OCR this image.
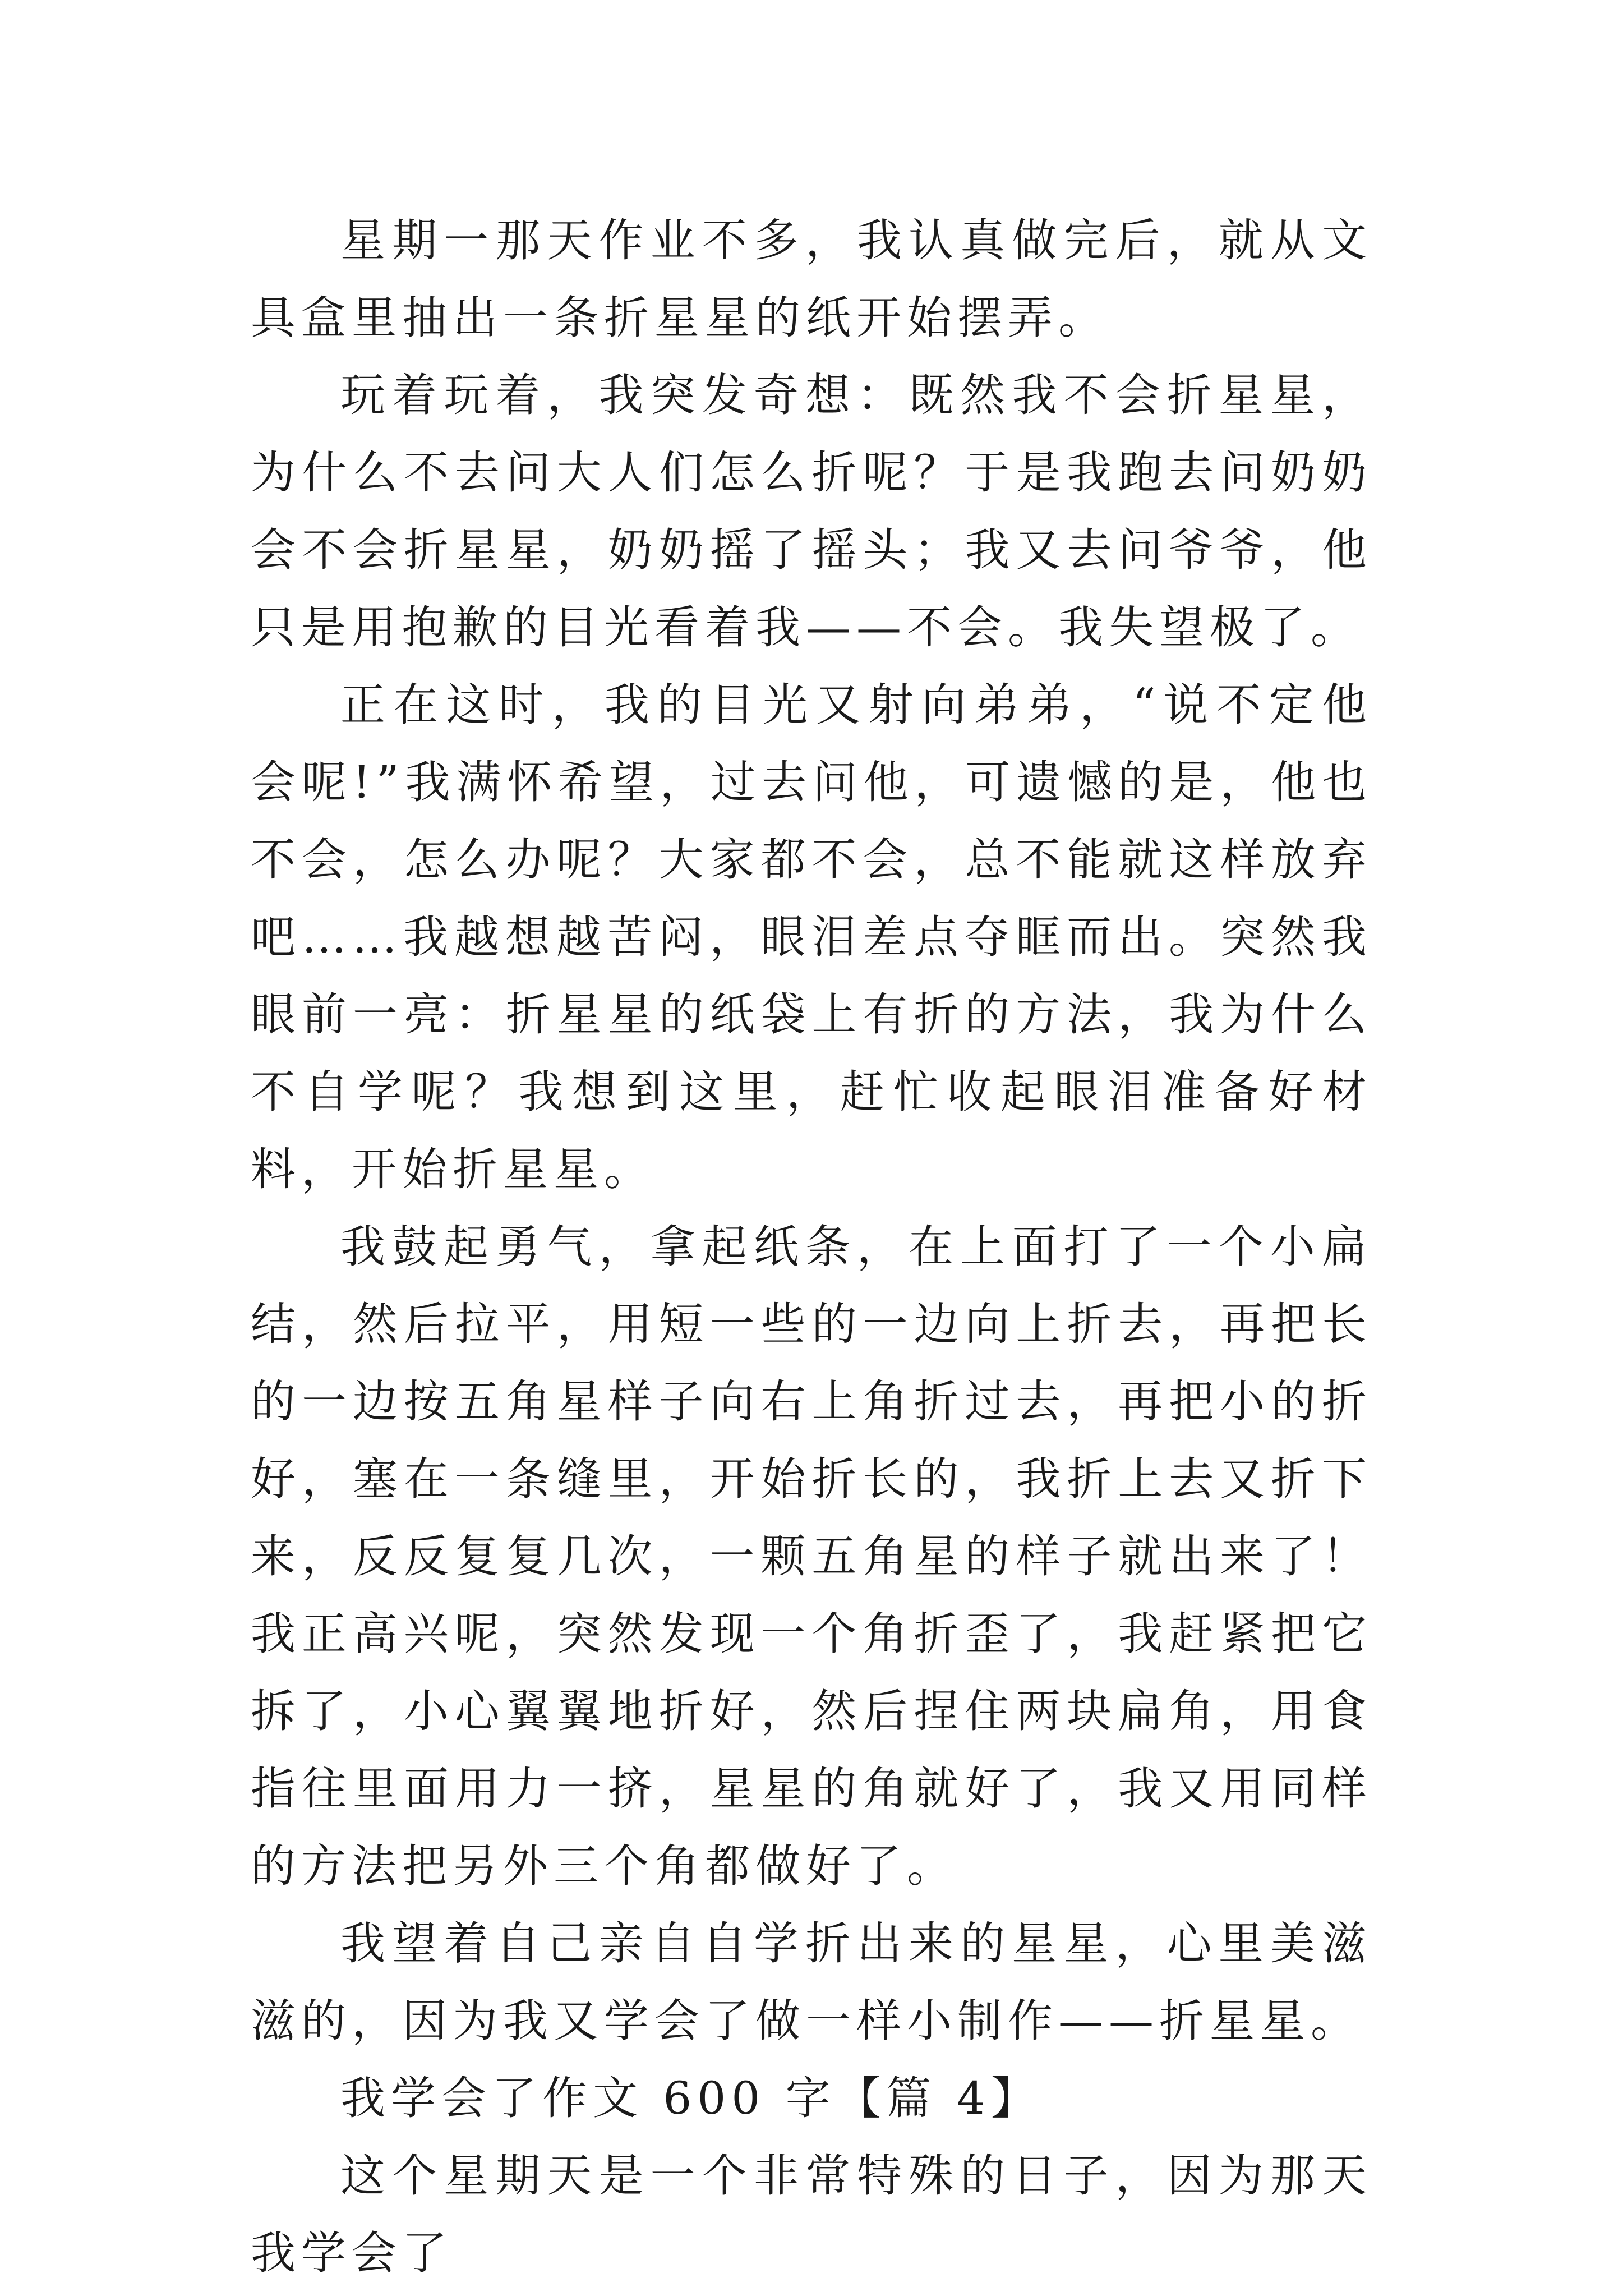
星期一那天作业不多，我认真做完后，就从文具盒里抽出一条折星星的纸开始摆弄。

玩着玩着，我突发奇想：既然我不会折星星，为什么不去问大人们怎么折呢？于是我跑去问奶奶会不会折星星，奶奶摇了摇头；我又去问爷爷，他只是用抱歉的目光看着我——不会。我失望极了。

正在这时，我的目光又射向弟弟，“说不定他会呢!”我满怀希望，过去问他，可遗憾的是，他也不会，怎么办呢？大家都不会，总不能就这样放弃吧……我越想越苦闷，眼泪差点夺眶而出。突然我眼前一亮：折星星的纸袋上有折的方法，我为什么不自学呢？我想到这里，赶忙收起眼泪准备好材料，开始折星星。

我鼓起勇气，拿起纸条，在上面打了一个小扁结，然后拉平，用短一些的一边向上折去，再把长的一边按五角星样子向右上角折过去，再把小的折好，塞在一条缝里，开始折长的，我折上去又折下来，反反复复几次，一颗五角星的样子就出来了！我正高兴呢，突然发现一个角折歪了，我赶紧把它拆了，小心翼翼地折好，然后捏住两块扁角，用食指往里面用力一挤，星星的角就好了，我又用同样的方法把另外三个角都做好了。

我望着自己亲自自学折出来的星星，心里美滋滋的，因为我又学会了做一样小制作——折星星。

我学会了作文 600 字【篇 4】

这个星期天是一个非常特殊的日子，因为那天我学会了
